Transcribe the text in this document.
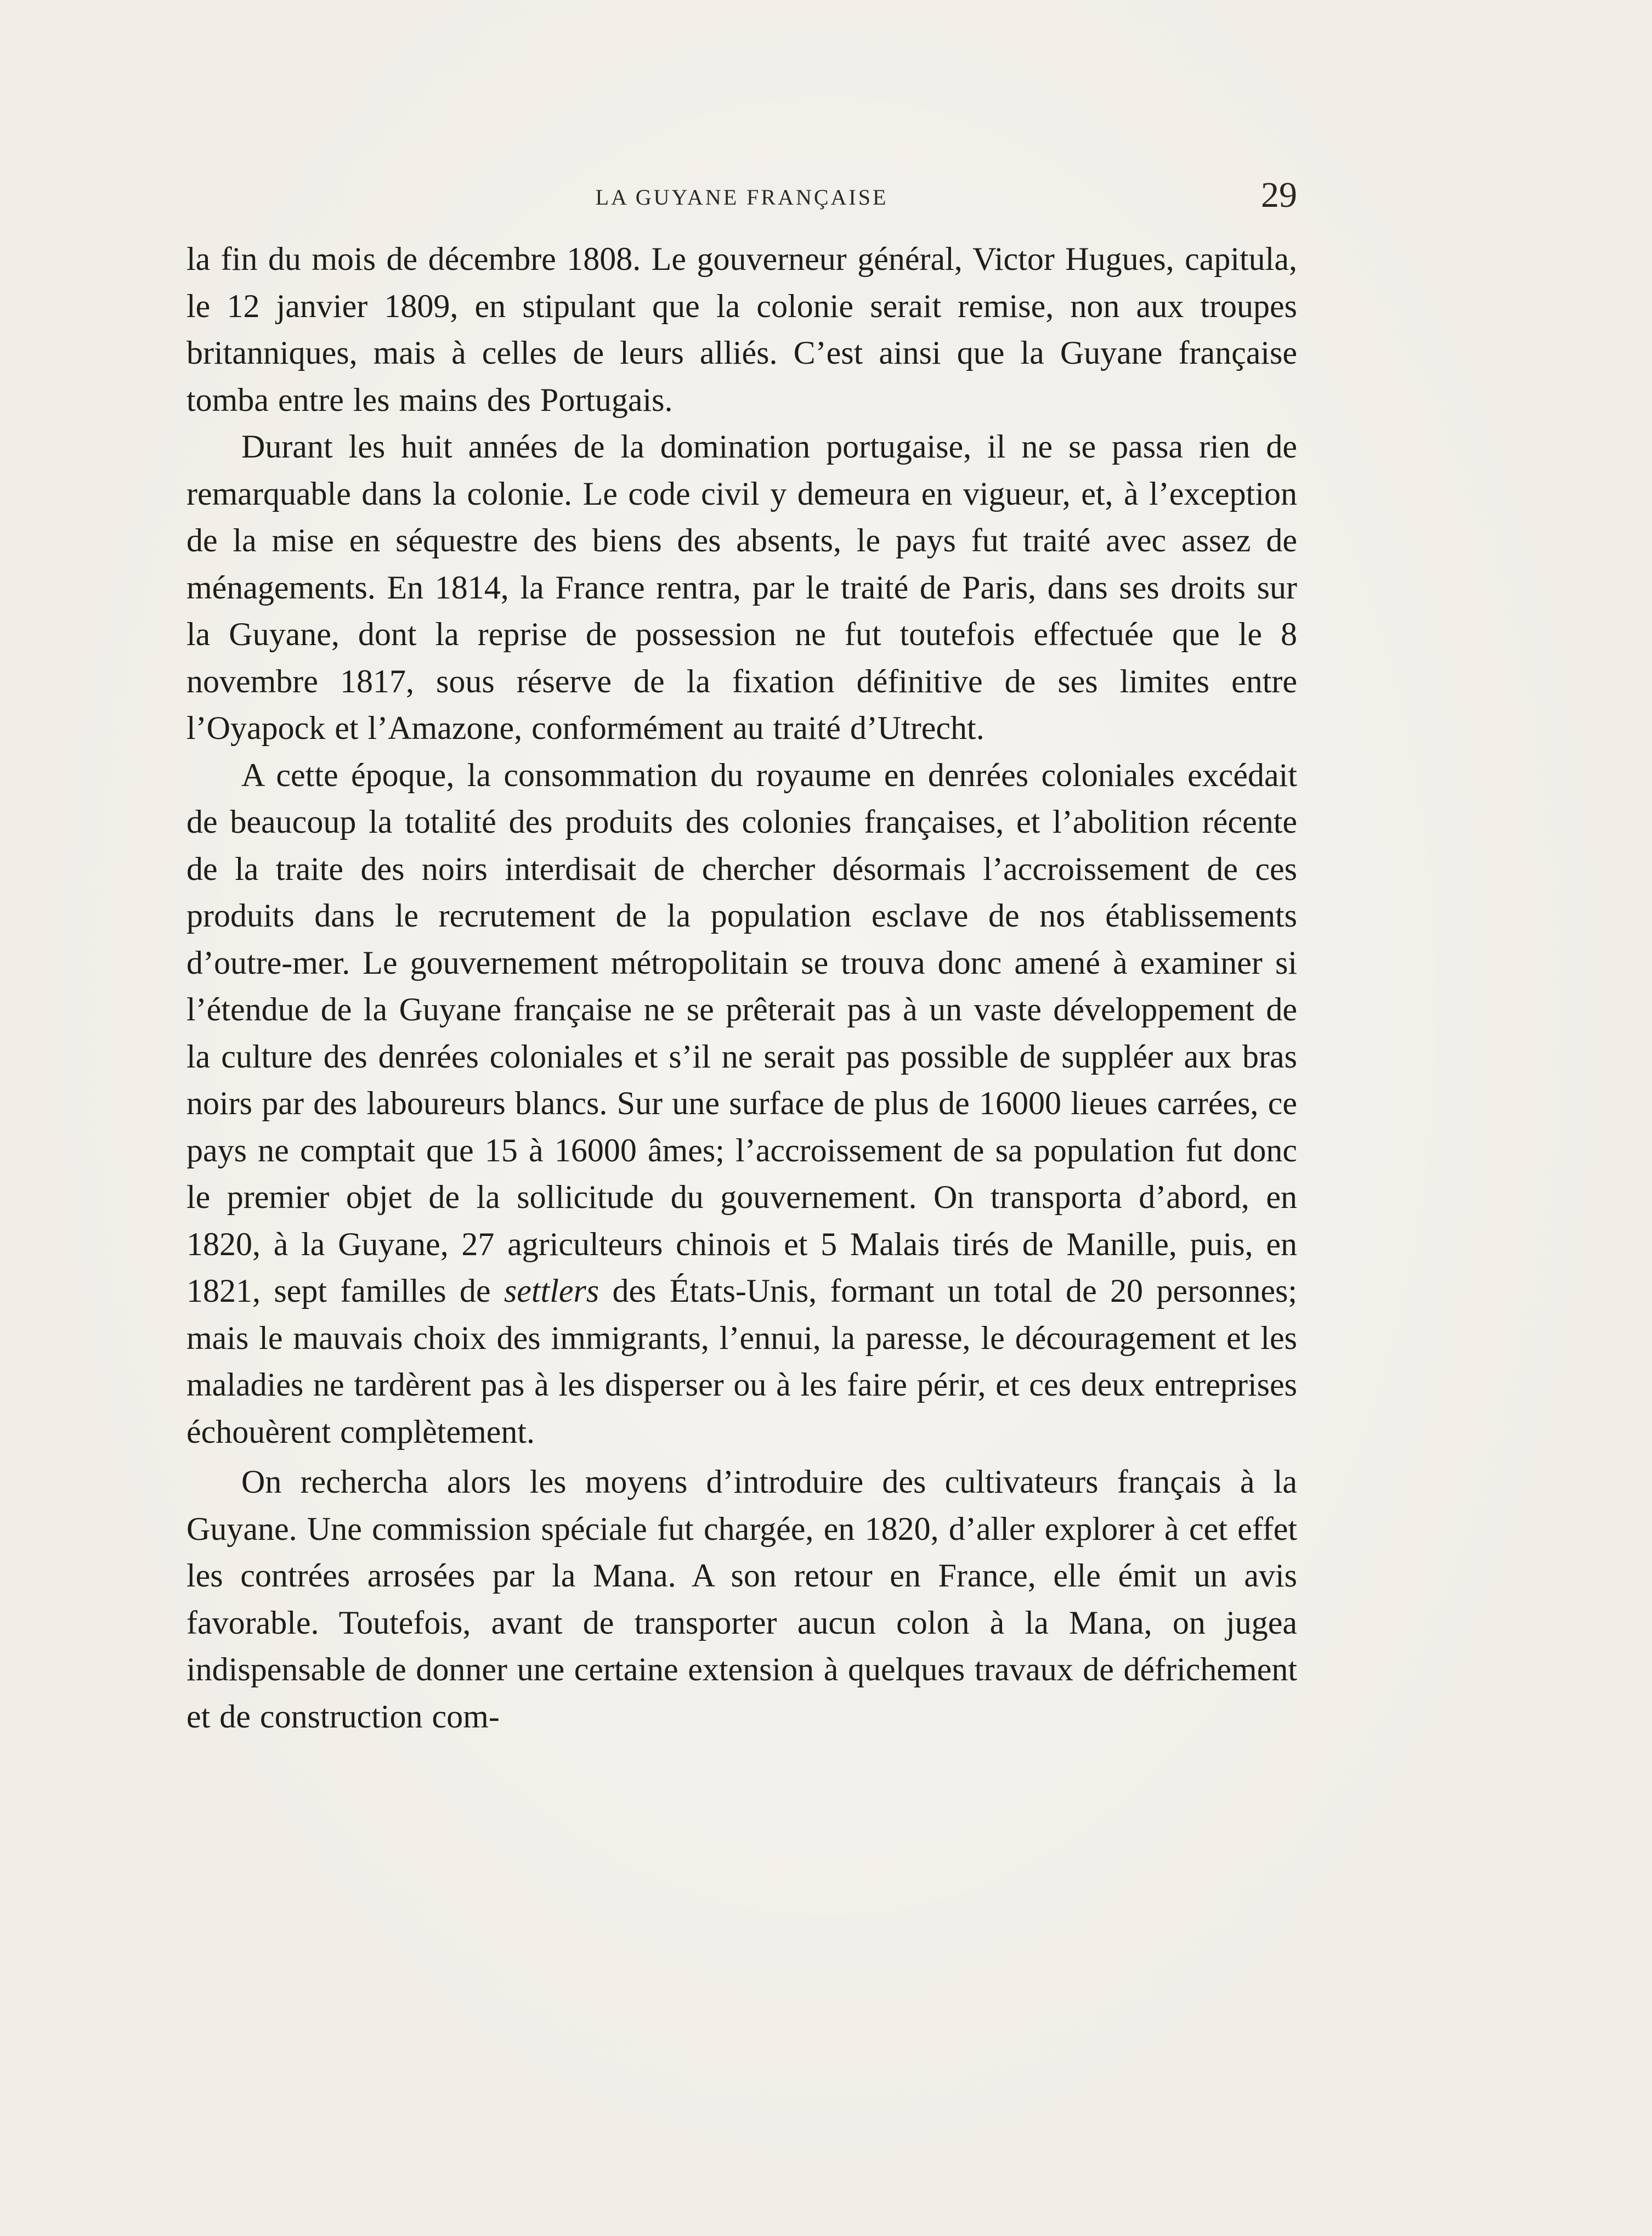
LA GUYANE FRANÇAISE	29

la fin du mois de décembre 1808. Le gouverneur général, Victor Hugues, capitula, le 12 janvier 1809, en stipulant que la colonie serait remise, non aux troupes britanniques, mais à celles de leurs alliés. C’est ainsi que la Guyane française tomba entre les mains des Portugais.

Durant les huit années de la domination portugaise, il ne se passa rien de remarquable dans la colonie. Le code civil y demeura en vigueur, et, à l’exception de la mise en séquestre des biens des absents, le pays fut traité avec assez de ménagements. En 1814, la France rentra, par le traité de Paris, dans ses droits sur la Guyane, dont la reprise de possession ne fut toutefois effectuée que le 8 novembre 1817, sous réserve de la fixation définitive de ses limites entre l’Oyapock et l’Amazone, conformément au traité d’Utrecht.

A cette époque, la consommation du royaume en denrées coloniales excédait de beaucoup la totalité des produits des colonies françaises, et l’abolition récente de la traite des noirs interdisait de chercher désormais l’accroissement de ces produits dans le recrutement de la population esclave de nos établissements d’outre-mer. Le gouvernement métropolitain se trouva donc amené à examiner si l’étendue de la Guyane française ne se prêterait pas à un vaste développement de la culture des denrées coloniales et s’il ne serait pas possible de suppléer aux bras noirs par des laboureurs blancs. Sur une surface de plus de 16000 lieues carrées, ce pays ne comptait que 15 à 16000 âmes; l’accroissement de sa population fut donc le premier objet de la sollicitude du gouvernement. On transporta d’abord, en 1820, à la Guyane, 27 agriculteurs chinois et 5 Malais tirés de Manille, puis, en 1821, sept familles de settlers des États-Unis, formant un total de 20 personnes; mais le mauvais choix des immigrants, l’ennui, la paresse, le découragement et les maladies ne tardèrent pas à les disperser ou à les faire périr, et ces deux entreprises échouèrent complètement.

On rechercha alors les moyens d’introduire des cultivateurs français à la Guyane. Une commission spéciale fut chargée, en 1820, d’aller explorer à cet effet les contrées arrosées par la Mana. A son retour en France, elle émit un avis favorable. Toutefois, avant de transporter aucun colon à la Mana, on jugea indispensable de donner une certaine extension à quelques travaux de défrichement et de construction com-
